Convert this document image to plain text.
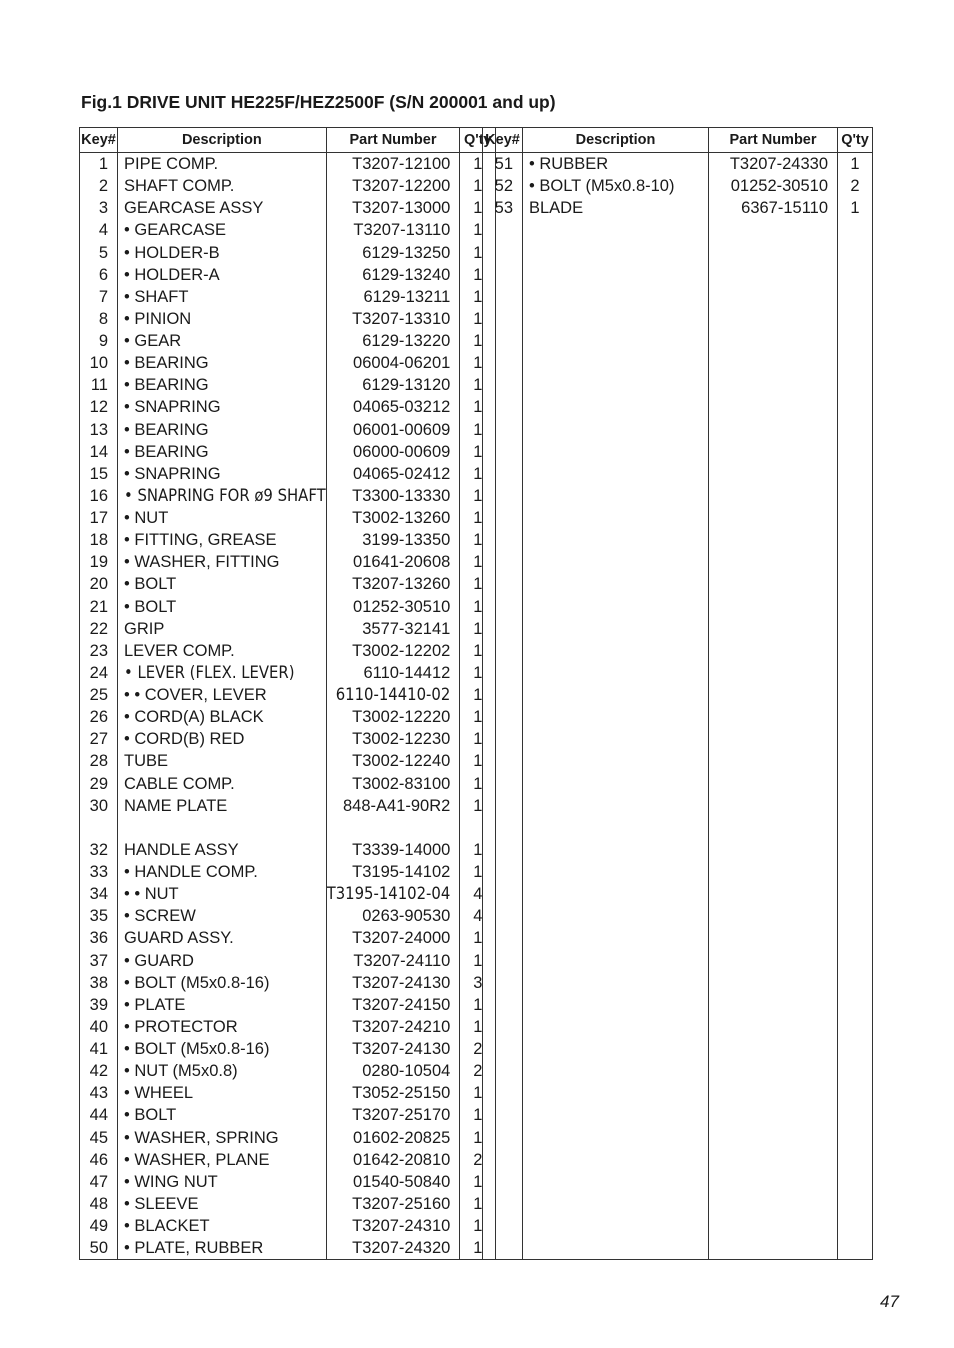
Fig.1 DRIVE UNIT HE225F/HEZ2500F (S/N 200001 and up)
Key#	Description	Part Number	Q'ty
1	PIPE COMP.	T3207-12100	1
2	SHAFT COMP.	T3207-12200	1
3	GEARCASE ASSY	T3207-13000	1
4	• GEARCASE	T3207-13110	1
5	• HOLDER-B	6129-13250	1
6	• HOLDER-A	6129-13240	1
7	• SHAFT	6129-13211	1
8	• PINION	T3207-13310	1
9	• GEAR	6129-13220	1
10	• BEARING	06004-06201	1
11	• BEARING	6129-13120	1
12	• SNAPRING	04065-03212	1
13	• BEARING	06001-00609	1
14	• BEARING	06000-00609	1
15	• SNAPRING	04065-02412	1
16	• SNAPRING FOR ø9 SHAFT	T3300-13330	1
17	• NUT	T3002-13260	1
18	• FITTING, GREASE	3199-13350	1
19	• WASHER, FITTING	01641-20608	1
20	• BOLT	T3207-13260	1
21	• BOLT	01252-30510	1
22	GRIP	3577-32141	1
23	LEVER COMP.	T3002-12202	1
24	• LEVER (FLEX. LEVER)	6110-14412	1
25	• • COVER, LEVER	6110-14410-02	1
26	• CORD(A) BLACK	T3002-12220	1
27	• CORD(B) RED	T3002-12230	1
28	TUBE	T3002-12240	1
29	CABLE COMP.	T3002-83100	1
30	NAME PLATE	848-A41-90R2	1

32	HANDLE ASSY	T3339-14000	1
33	• HANDLE COMP.	T3195-14102	1
34	• • NUT	T3195-14102-04	4
35	• SCREW	0263-90530	4
36	GUARD ASSY.	T3207-24000	1
37	• GUARD	T3207-24110	1
38	• BOLT (M5x0.8-16)	T3207-24130	3
39	• PLATE	T3207-24150	1
40	• PROTECTOR	T3207-24210	1
41	• BOLT (M5x0.8-16)	T3207-24130	2
42	• NUT (M5x0.8)	0280-10504	2
43	• WHEEL	T3052-25150	1
44	• BOLT	T3207-25170	1
45	• WASHER, SPRING	01602-20825	1
46	• WASHER, PLANE	01642-20810	2
47	• WING NUT	01540-50840	1
48	• SLEEVE	T3207-25160	1
49	• BLACKET	T3207-24310	1
50	• PLATE, RUBBER	T3207-24320	1
Key#	Description	Part Number	Q'ty
51	• RUBBER	T3207-24330	1
52	• BOLT (M5x0.8-10)	01252-30510	2
53	BLADE	6367-15110	1

47
